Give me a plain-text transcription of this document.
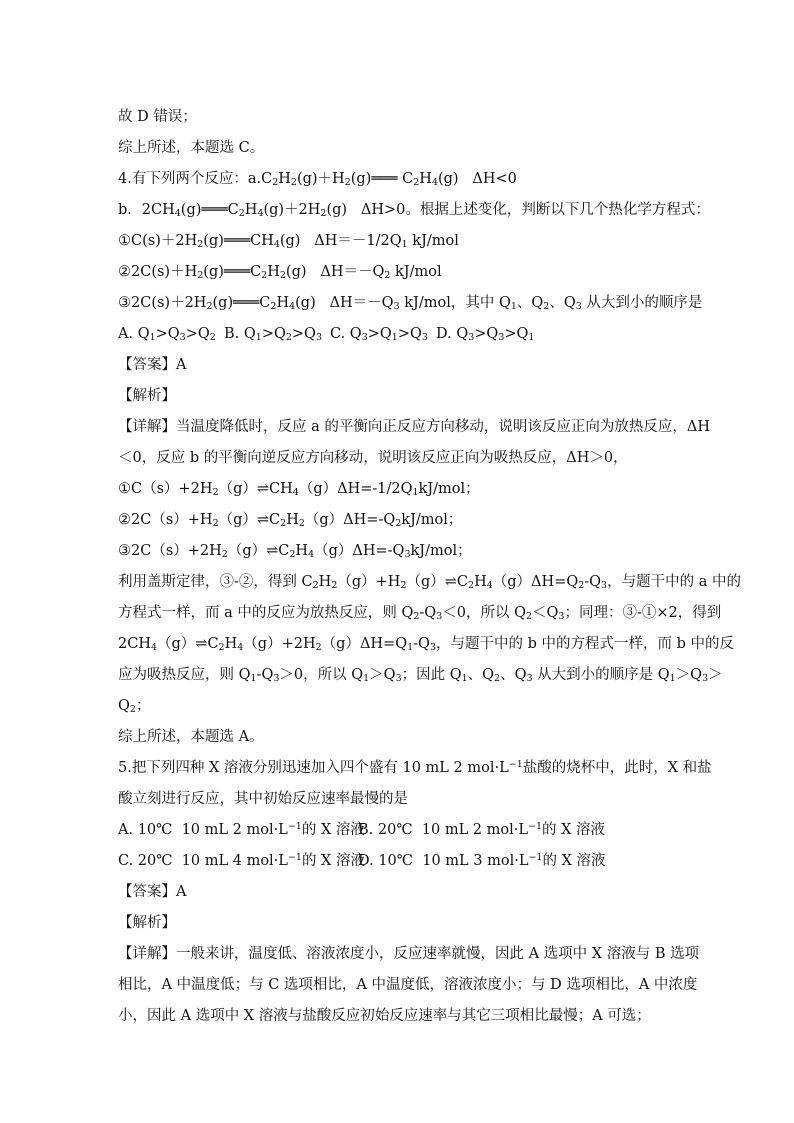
故 D 错误；
综上所述，本题选 C。
4.有下列两个反应：$a.C_2H_2(g)+H_2(g)═══$ $C_2H_4(g)$   ΔH<0
b．$2CH_4(g)═══C_2H_4(g)+2H_2(g)$   ΔH>0。根据上述变化，判断以下几个热化学方程式：
$①C(s)+2H_2(g)═══CH_4(g)$   $\Delta H=-1/2Q_1$ kJ/mol
$②2C(s)+H_2(g)═══C_2H_2(g)$   $\Delta H=-Q_2$ kJ/mol
$③2C(s)+2H_2(g)═══C_2H_4(g)$   $\Delta H=-Q_3$ kJ/mol，其中 $Q_1$、$Q_2$、$Q_3$ 从大到小的顺序是
【答案】A
【解析】
【详解】当温度降低时，反应 a 的平衡向正反应方向移动，说明该反应正向为放热反应，ΔH
＜0，反应 b 的平衡向逆反应方向移动，说明该反应正向为吸热反应，ΔH＞0，
$①C(s)+2H_2(g)\rightleftharpoons CH_4(g)\Delta H=-1/2Q_1kJ$/mol；
$②2C(s)+H_2(g)\rightleftharpoons C_2H_2(g)\Delta H=-Q_2kJ$/mol；
$③2C(s)+2H_2(g)\rightleftharpoons C_2H_4(g)\Delta H=-Q_3kJ$/mol；
利用盖斯定律，③-②，得到 $C_2H_2(g)+H_2(g)\rightleftharpoons C_2H_4(g)\Delta H=Q_2-Q_3$，与题干中的 a 中的
方程式一样，而 a 中的反应为放热反应，则 $Q_2-Q_3<0$，所以 $Q_2<Q_3$；同理：③-①×2，得到
$2CH_4(g)\rightleftharpoons C_2H_4(g)+2H_2(g)\Delta H=Q_1-Q_3$，与题干中的 b 中的方程式一样，而 b 中的反
应为吸热反应，则 $Q_1-Q_3>0$，所以 $Q_1>Q_3$；因此 $Q_1$、$Q_2$、$Q_3$ 从大到小的顺序是 $Q_1>Q_3>$
$Q_2$；
综上所述，本题选 A。
5.把下列四种 X 溶液分别迅速加入四个盛有 10 mL 2 $mol\cdot L^{-1}$盐酸的烧杯中，此时，X 和盐
酸立刻进行反应，其中初始反应速率最慢的是
【答案】A
【解析】
【详解】一般来讲，温度低、溶液浓度小，反应速率就慢，因此 A 选项中 X 溶液与 B 选项
相比，A 中温度低；与 C 选项相比，A 中温度低，溶液浓度小；与 D 选项相比，A 中浓度
小，因此 A 选项中 X 溶液与盐酸反应初始反应速率与其它三项相比最慢；A 可选；
A. $Q_1>Q_3>Q_2$ B. $Q_1>Q_2>Q_3$ C. $Q_3>Q_1>Q_3$ D. $Q_3>Q_3>Q_1$
A. 10℃  10 mL 2 $mol\cdot L^{-1}$的 X 溶液B. 20℃  10 mL 2 $mol\cdot L^{-1}$的 X 溶液
C. 20℃  10 mL 4 $mol\cdot L^{-1}$的 X 溶液D. 10℃  10 mL 3 $mol\cdot L^{-1}$的 X 溶液
